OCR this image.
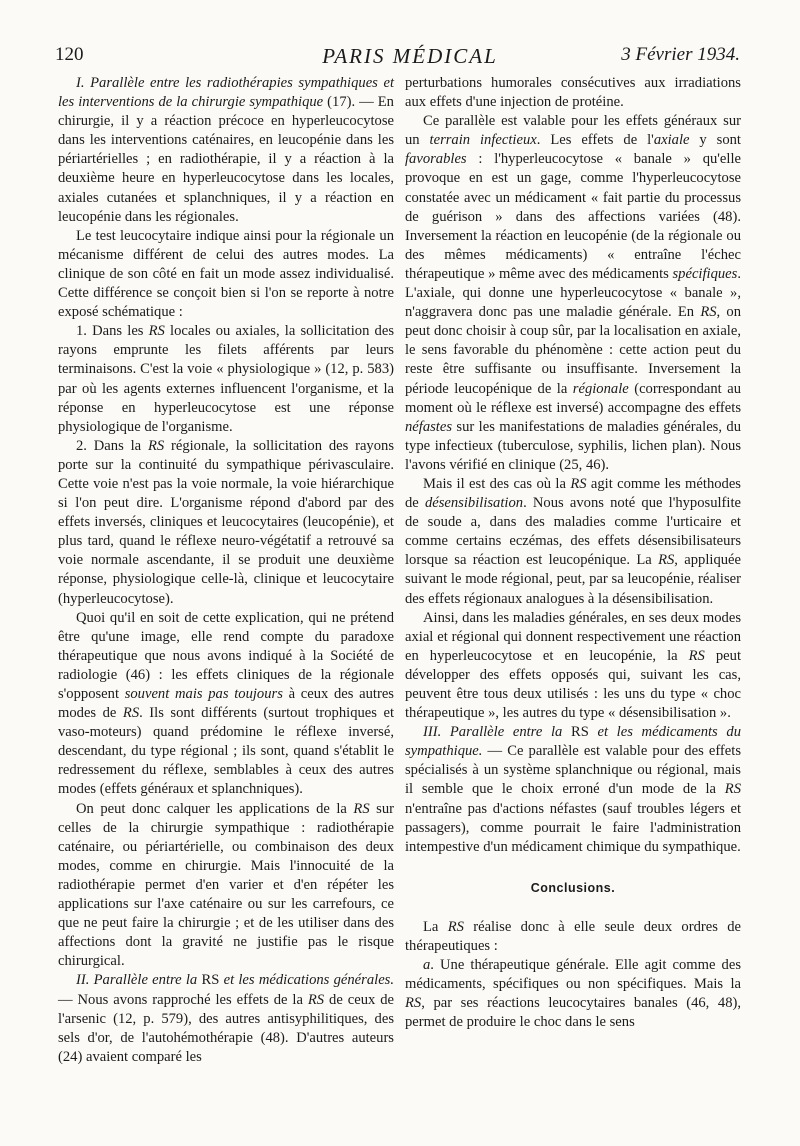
120	PARIS MÉDICAL	3 Février 1934.

I. Parallèle entre les radiothérapies sympathiques et les interventions de la chirurgie sympathique (17). — En chirurgie, il y a réaction précoce en hyperleucocytose dans les interventions caténaires, en leucopénie dans les périartérielles ; en radiothérapie, il y a réaction à la deuxième heure en hyperleucocytose dans les locales, axiales cutanées et splanchniques, il y a réaction en leucopénie dans les régionales.

Le test leucocytaire indique ainsi pour la régionale un mécanisme différent de celui des autres modes. La clinique de son côté en fait un mode assez individualisé. Cette différence se conçoit bien si l'on se reporte à notre exposé schématique :

1. Dans les RS locales ou axiales, la sollicitation des rayons emprunte les filets afférents par leurs terminaisons. C'est la voie « physiologique » (12, p. 583) par où les agents externes influencent l'organisme, et la réponse en hyperleucocytose est une réponse physiologique de l'organisme.

2. Dans la RS régionale, la sollicitation des rayons porte sur la continuité du sympathique périvasculaire. Cette voie n'est pas la voie normale, la voie hiérarchique si l'on peut dire. L'organisme répond d'abord par des effets inversés, cliniques et leucocytaires (leucopénie), et plus tard, quand le réflexe neuro-végétatif a retrouvé sa voie normale ascendante, il se produit une deuxième réponse, physiologique celle-là, clinique et leucocytaire (hyperleucocytose).

Quoi qu'il en soit de cette explication, qui ne prétend être qu'une image, elle rend compte du paradoxe thérapeutique que nous avons indiqué à la Société de radiologie (46) : les effets cliniques de la régionale s'opposent souvent mais pas toujours à ceux des autres modes de RS. Ils sont différents (surtout trophiques et vaso-moteurs) quand prédomine le réflexe inversé, descendant, du type régional ; ils sont, quand s'établit le redressement du réflexe, semblables à ceux des autres modes (effets généraux et splanchniques).

On peut donc calquer les applications de la RS sur celles de la chirurgie sympathique : radiothérapie caténaire, ou périartérielle, ou combinaison des deux modes, comme en chirurgie. Mais l'innocuité de la radiothérapie permet d'en varier et d'en répéter les applications sur l'axe caténaire ou sur les carrefours, ce que ne peut faire la chirurgie ; et de les utiliser dans des affections dont la gravité ne justifie pas le risque chirurgical.

II. Parallèle entre la RS et les médications générales. — Nous avons rapproché les effets de la RS de ceux de l'arsenic (12, p. 579), des autres antisyphilitiques, des sels d'or, de l'autohémothérapie (48). D'autres auteurs (24) avaient comparé les

perturbations humorales consécutives aux irradiations aux effets d'une injection de protéine.

Ce parallèle est valable pour les effets généraux sur un terrain infectieux. Les effets de l'axiale y sont favorables : l'hyperleucocytose « banale » qu'elle provoque en est un gage, comme l'hyperleucocytose constatée avec un médicament « fait partie du processus de guérison » dans des affections variées (48). Inversement la réaction en leucopénie (de la régionale ou des mêmes médicaments) « entraîne l'échec thérapeutique » même avec des médicaments spécifiques. L'axiale, qui donne une hyperleucocytose « banale », n'aggravera donc pas une maladie générale. En RS, on peut donc choisir à coup sûr, par la localisation en axiale, le sens favorable du phénomène : cette action peut du reste être suffisante ou insuffisante. Inversement la période leucopénique de la régionale (correspondant au moment où le réflexe est inversé) accompagne des effets néfastes sur les manifestations de maladies générales, du type infectieux (tuberculose, syphilis, lichen plan). Nous l'avons vérifié en clinique (25, 46).

Mais il est des cas où la RS agit comme les méthodes de désensibilisation. Nous avons noté que l'hyposulfite de soude a, dans des maladies comme l'urticaire et comme certains eczémas, des effets désensibilisateurs lorsque sa réaction est leucopénique. La RS, appliquée suivant le mode régional, peut, par sa leucopénie, réaliser des effets régionaux analogues à la désensibilisation.

Ainsi, dans les maladies générales, en ses deux modes axial et régional qui donnent respectivement une réaction en hyperleucocytose et en leucopénie, la RS peut développer des effets opposés qui, suivant les cas, peuvent être tous deux utilisés : les uns du type « choc thérapeutique », les autres du type « désensibilisation ».

III. Parallèle entre la RS et les médicaments du sympathique. — Ce parallèle est valable pour des effets spécialisés à un système splanchnique ou régional, mais il semble que le choix erroné d'un mode de la RS n'entraîne pas d'actions néfastes (sauf troubles légers et passagers), comme pourrait le faire l'administration intempestive d'un médicament chimique du sympathique.

Conclusions.

La RS réalise donc à elle seule deux ordres de thérapeutiques :

a. Une thérapeutique générale. Elle agit comme des médicaments, spécifiques ou non spécifiques. Mais la RS, par ses réactions leucocytaires banales (46, 48), permet de produire le choc dans le sens
